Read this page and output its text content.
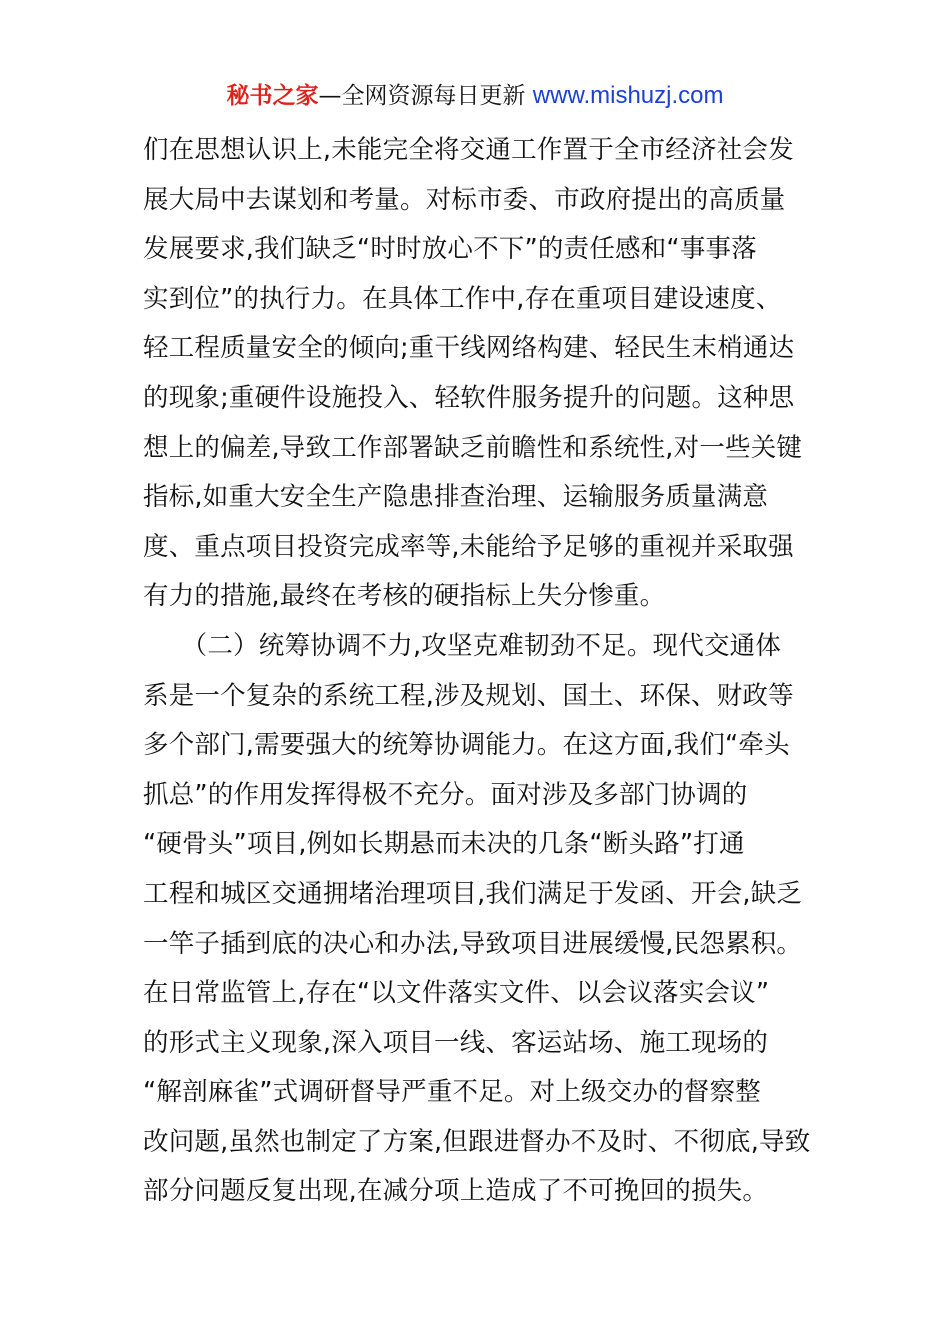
秘书之家—全网资源每日更新 www.mishuzj.com
们在思想认识上,未能完全将交通工作置于全市经济社会发
展大局中去谋划和考量。对标市委、市政府提出的高质量
发展要求,我们缺乏“时时放心不下”的责任感和“事事落
实到位”的执行力。在具体工作中,存在重项目建设速度、
轻工程质量安全的倾向;重干线网络构建、轻民生末梢通达
的现象;重硬件设施投入、轻软件服务提升的问题。这种思
想上的偏差,导致工作部署缺乏前瞻性和系统性,对一些关键
指标,如重大安全生产隐患排查治理、运输服务质量满意
度、重点项目投资完成率等,未能给予足够的重视并采取强
有力的措施,最终在考核的硬指标上失分惨重。
　　（二）统筹协调不力,攻坚克难韧劲不足。现代交通体
系是一个复杂的系统工程,涉及规划、国土、环保、财政等
多个部门,需要强大的统筹协调能力。在这方面,我们“牵头
抓总”的作用发挥得极不充分。面对涉及多部门协调的
“硬骨头”项目,例如长期悬而未决的几条“断头路”打通
工程和城区交通拥堵治理项目,我们满足于发函、开会,缺乏
一竿子插到底的决心和办法,导致项目进展缓慢,民怨累积。
在日常监管上,存在“以文件落实文件、以会议落实会议”
的形式主义现象,深入项目一线、客运站场、施工现场的
“解剖麻雀”式调研督导严重不足。对上级交办的督察整
改问题,虽然也制定了方案,但跟进督办不及时、不彻底,导致
部分问题反复出现,在减分项上造成了不可挽回的损失。
